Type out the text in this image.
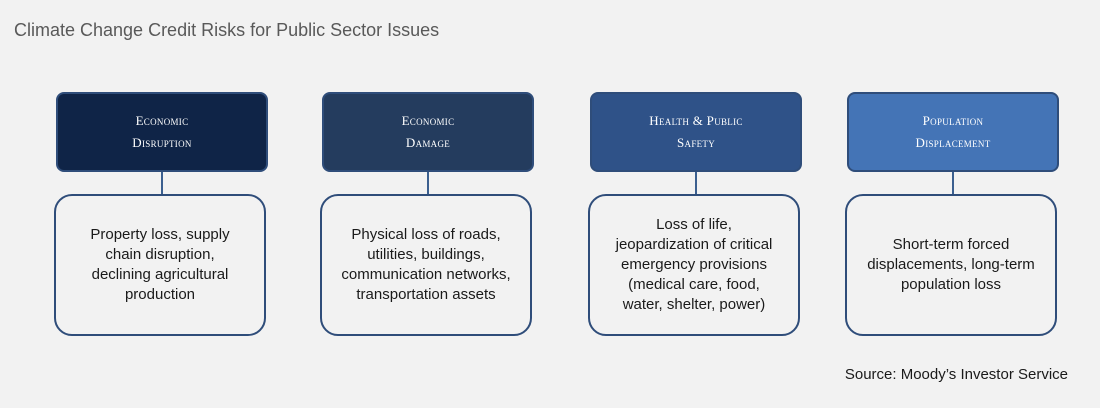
Climate Change Credit Risks for Public Sector Issues
Economic
Disruption
Property loss, supply chain disruption, declining agricultural production
Economic
Damage
Physical loss of roads, utilities, buildings, communication networks, transportation assets
Health & Public
Safety
Loss of life, jeopardization of critical emergency provisions (medical care, food, water, shelter, power)
Population
Displacement
Short-term forced displacements, long-term population loss
Source: Moody’s Investor Service
